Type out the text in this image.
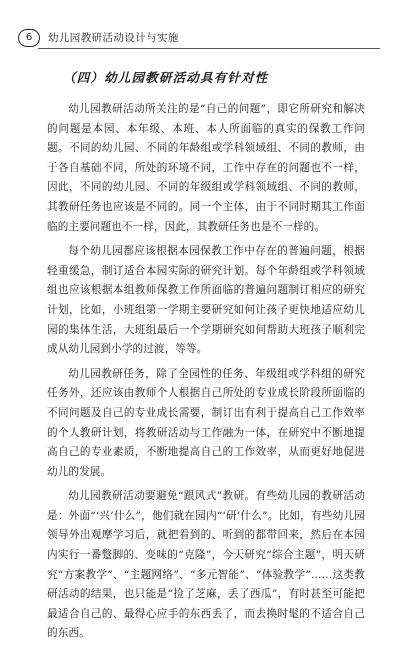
6	幼儿园教研活动设计与实施
（四）幼儿园教研活动具有针对性

幼儿园教研活动所关注的是“自己的问题”，即它所研究和解决的问题是本园、本年级、本班、本人所面临的真实的保教工作问题。不同的幼儿园、不同的年龄组或学科领域组、不同的教师，由于各自基础不同，所处的环境不同，工作中存在的问题也不一样，因此，不同的幼儿园、不同的年级组或学科领域组、不同的教师，其教研任务也应该是不同的。同一个主体，由于不同时期其工作面临的主要问题也不一样，因此，其教研任务也是不一样的。

每个幼儿园都应该根据本园保教工作中存在的普遍问题，根据轻重缓急，制订适合本园实际的研究计划。每个年龄组或学科领域组也应该根据本组教师保教工作所面临的普遍问题制订相应的研究计划，比如，小班组第一学期主要研究如何让孩子更快地适应幼儿园的集体生活，大班组最后一个学期研究如何帮助大班孩子顺利完成从幼儿园到小学的过渡，等等。

幼儿园教研任务，除了全园性的任务、年级组或学科组的研究任务外，还应该由教师个人根据自己所处的专业成长阶段所面临的不同问题及自己的专业成长需要，制订出有利于提高自己工作效率的个人教研计划，将教研活动与工作融为一体，在研究中不断地提高自己的专业素质，不断地提高自己的工作效率，从而更好地促进幼儿的发展。

幼儿园教研活动要避免“跟风式”教研。有些幼儿园的教研活动是：外面“‘兴’什么”，他们就在园内“‘研’什么”。比如，有些幼儿园领导外出观摩学习后，就把看到的、听到的都带回来，然后在本园内实行一番蹩脚的、变味的“克隆”，今天研究“综合主题”，明天研究“方案教学”、“主题网络”、“多元智能”、“体验教学”……这类教研活动的结果，也只能是“捡了芝麻，丢了西瓜”，有时甚至可能把最适合自己的、最得心应手的东西丢了，而去换时髦的不适合自己的东西。
